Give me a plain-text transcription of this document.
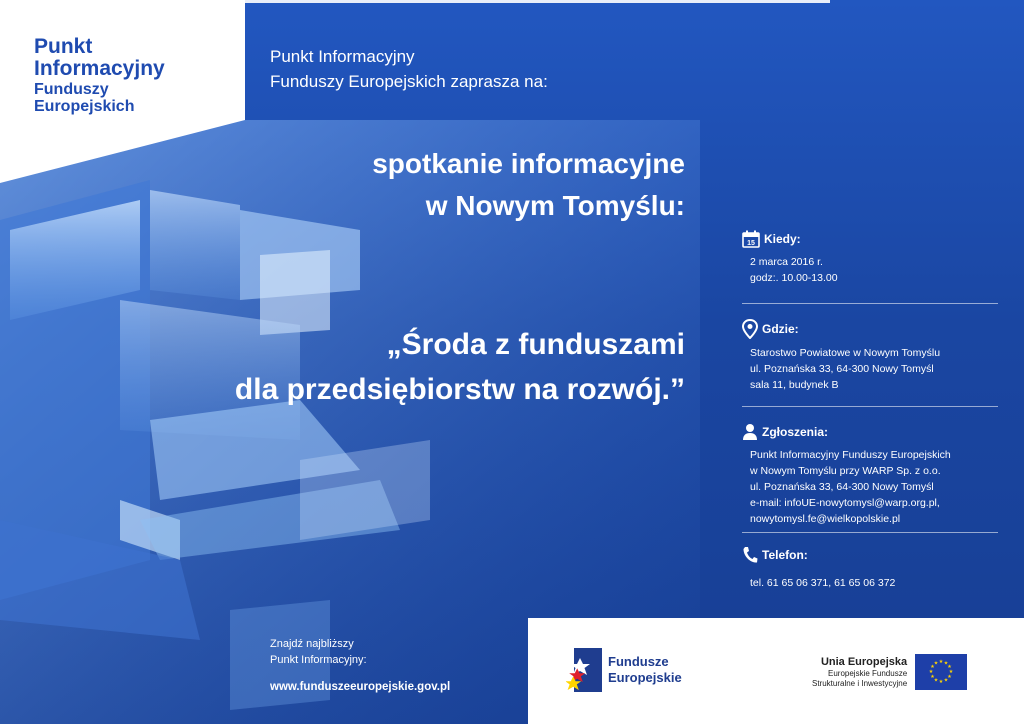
Punkt
Informacyjny
Funduszy
Europejskich
Punkt Informacyjny
Funduszy Europejskich zaprasza na:
spotkanie informacyjne
w Nowym Tomyślu:
„Środa z funduszami
dla przedsiębiorstw na rozwój.”
15 Kiedy:
2 marca 2016 r.
godz:. 10.00-13.00
Gdzie:
Starostwo Powiatowe w Nowym Tomyślu
ul. Poznańska 33, 64-300 Nowy Tomyśl
sala 11, budynek B
Zgłoszenia:
Punkt Informacyjny Funduszy Europejskich
w Nowym Tomyślu przy WARP Sp. z o.o.
ul. Poznańska 33, 64-300 Nowy Tomyśl
e-mail: infoUE-nowytomysl@warp.org.pl,
nowytomysl.fe@wielkopolskie.pl
Telefon:
tel. 61 65 06 371, 61 65 06 372
Znajdź najbliższy
Punkt Informacyjny:
www.funduszeeuropejskie.gov.pl
Fundusze
Europejskie
Unia Europejska
Europejskie Fundusze
Strukturalne i Inwestycyjne
★ ★
★
★
★
★
★
★
★
★
★
★
